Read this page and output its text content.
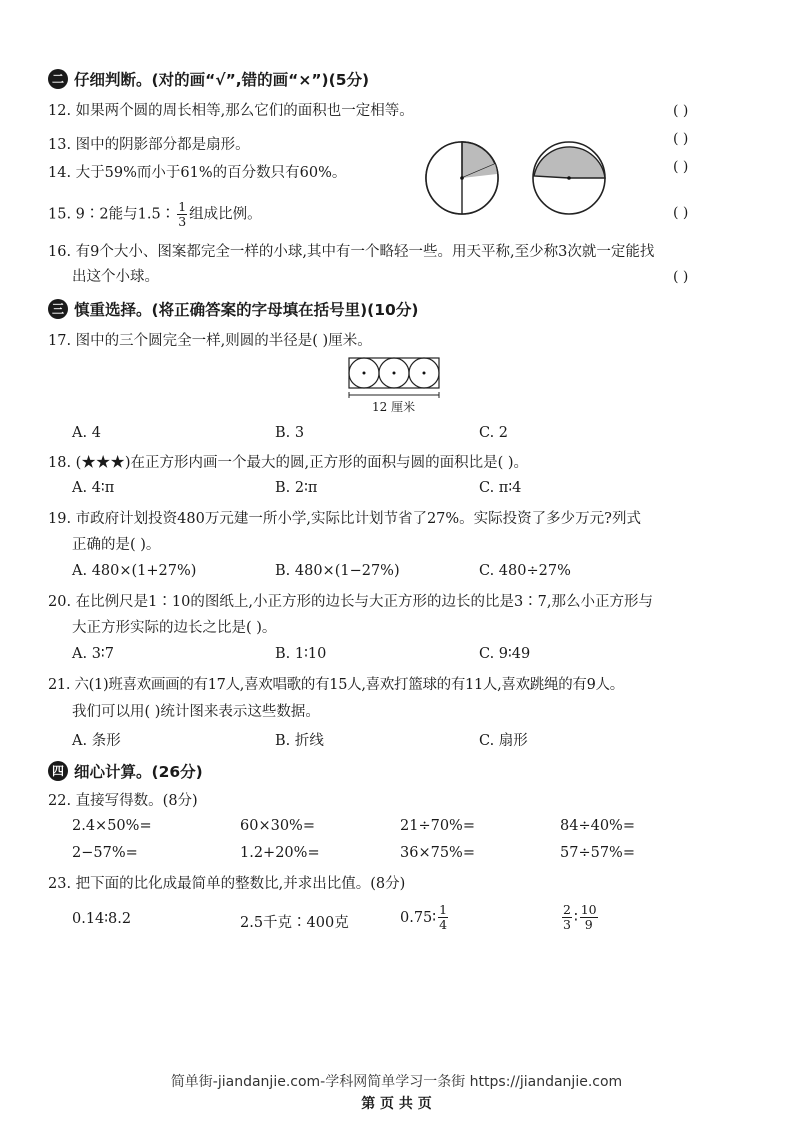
二 仔细判断。(对的画“√”,错的画“×”)(5分)
12. 如果两个圆的周长相等,那么它们的面积也一定相等。	( )
13. 图中的阴影部分都是扇形。	( )
14. 大于59%而小于61%的百分数只有60%。	( )
15. 9∶2能与1.5∶ $\frac{1}{3}$ 组成比例。	( )
16. 有9个大小、图案都完全一样的小球,其中有一个略轻一些。用天平称,至少称3次就一定能找
出这个小球。	( )
三 慎重选择。(将正确答案的字母填在括号里)(10分)
17. 图中的三个圆完全一样,则圆的半径是( )厘米。
12 厘米
A. 4	B. 3	C. 2
18. (★★★)在正方形内画一个最大的圆,正方形的面积与圆的面积比是( )。
A. 4∶π	B. 2∶π	C. π∶4
19. 市政府计划投资480万元建一所小学,实际比计划节省了27%。实际投资了多少万元?列式
正确的是( )。
A. 480×(1+27%)	B. 480×(1−27%)	C. 480÷27%
20. 在比例尺是1∶10的图纸上,小正方形的边长与大正方形的边长的比是3∶7,那么小正方形与
大正方形实际的边长之比是( )。
A. 3∶7	B. 1∶10	C. 9∶49
21. 六(1)班喜欢画画的有17人,喜欢唱歌的有15人,喜欢打篮球的有11人,喜欢跳绳的有9人。
我们可以用( )统计图来表示这些数据。
A. 条形	B. 折线	C. 扇形
四 细心计算。(26分)
22. 直接写得数。(8分)
2.4×50%=	60×30%=	21÷70%=	84÷40%=
2−57%=	1.2+20%=	36×75%=	57÷57%=
23. 把下面的比化成最简单的整数比,并求出比值。(8分)
0.14∶8.2	2.5千克∶400克	0.75∶ $\frac{1}{4}$	$\frac{2}{3}$ ∶ $\frac{10}{9}$
简单街-jiandanjie.com-学科网简单学习一条街 https://jiandanjie.com
第 页 共 页
